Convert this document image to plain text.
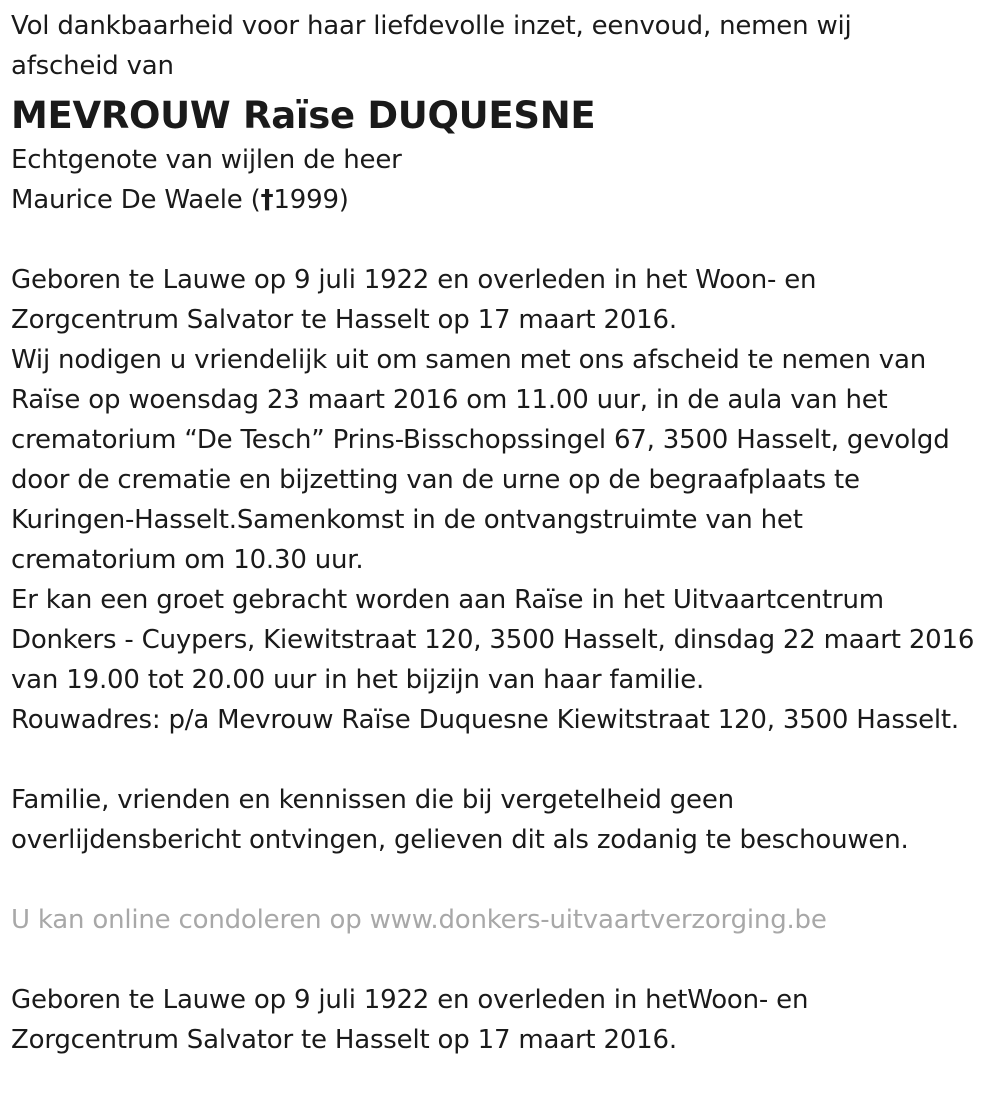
Vol dankbaarheid voor haar liefdevolle inzet, eenvoud, nemen wij
afscheid van
MEVROUW Raïse DUQUESNE
Echtgenote van wijlen de heer
Maurice De Waele (†1999)
Geboren te Lauwe op 9 juli 1922 en overleden in het Woon- en
Zorgcentrum Salvator te Hasselt op 17 maart 2016.
Wij nodigen u vriendelijk uit om samen met ons afscheid te nemen van
Raïse op woensdag 23 maart 2016 om 11.00 uur, in de aula van het
crematorium “De Tesch” Prins-Bisschopssingel 67, 3500 Hasselt, gevolgd
door de crematie en bijzetting van de urne op de begraafplaats te
Kuringen-Hasselt.Samenkomst in de ontvangstruimte van het
crematorium om 10.30 uur.
Er kan een groet gebracht worden aan Raïse in het Uitvaartcentrum
Donkers - Cuypers, Kiewitstraat 120, 3500 Hasselt, dinsdag 22 maart 2016
van 19.00 tot 20.00 uur in het bijzijn van haar familie.
Rouwadres: p/a Mevrouw Raïse Duquesne Kiewitstraat 120, 3500 Hasselt.
Familie, vrienden en kennissen die bij vergetelheid geen
overlijdensbericht ontvingen, gelieven dit als zodanig te beschouwen.
U kan online condoleren op www.donkers-uitvaartverzorging.be
Geboren te Lauwe op 9 juli 1922 en overleden in hetWoon- en
Zorgcentrum Salvator te Hasselt op 17 maart 2016.
